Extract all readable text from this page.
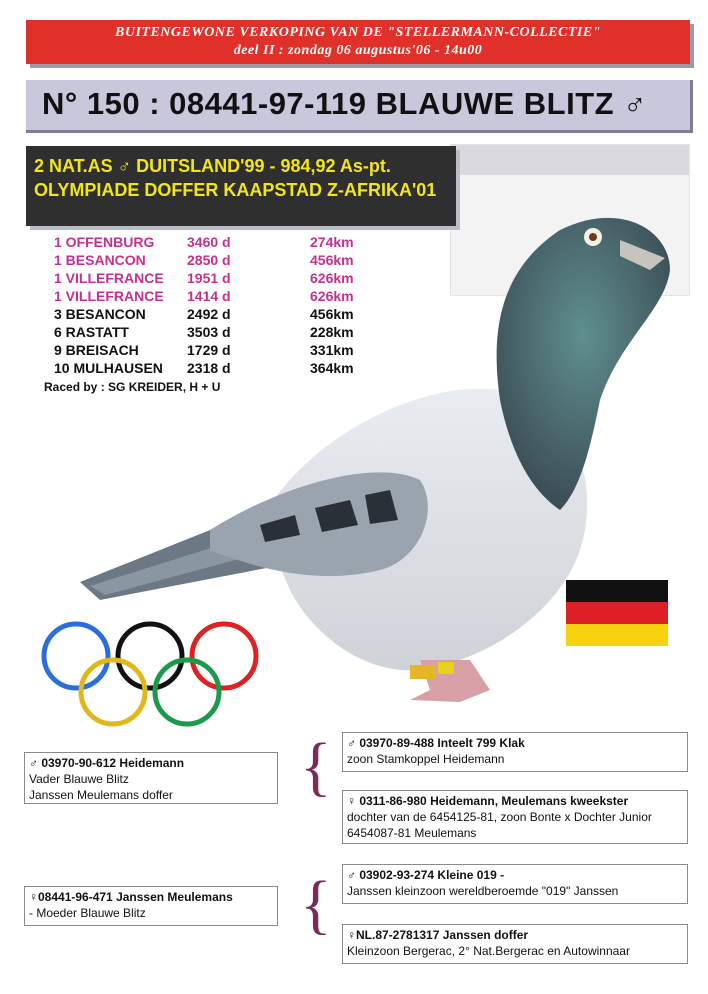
BUITENGEWONE VERKOPING VAN DE "STELLERMANN-COLLECTIE"
deel II : zondag 06 augustus'06 - 14u00
N° 150 : 08441-97-119 BLAUWE BLITZ ♂
2 NAT.AS ♂ DUITSLAND'99 - 984,92 As-pt.
OLYMPIADE DOFFER KAAPSTAD Z-AFRIKA'01
1 OFFENBURG 3460 d	274km
1 BESANCON	2850 d	456km
1 VILLEFRANCE 1951 d	626km
1 VILLEFRANCE 1414 d	626km
3 BESANCON	2492 d	456km
6 RASTATT	3503 d	228km
9 BREISACH	1729 d	331km
10 MULHAUSEN 2318 d	364km
Raced by : SG KREIDER, H + U

♂ 03970-90-612 Heidemann
Vader Blauwe Blitz
Janssen Meulemans doffer
♀08441-96-471 Janssen Meulemans
- Moeder Blauwe Blitz
{
{
♂ 03970-89-488 Inteelt 799 Klak
zoon Stamkoppel Heidemann
♀ 0311-86-980 Heidemann, Meulemans kweekster
dochter van de 6454125-81, zoon Bonte x Dochter Junior
6454087-81 Meulemans
♂ 03902-93-274 Kleine 019 -
Janssen kleinzoon wereldberoemde "019" Janssen
♀NL.87-2781317 Janssen doffer
Kleinzoon Bergerac, 2° Nat.Bergerac en Autowinnaar
